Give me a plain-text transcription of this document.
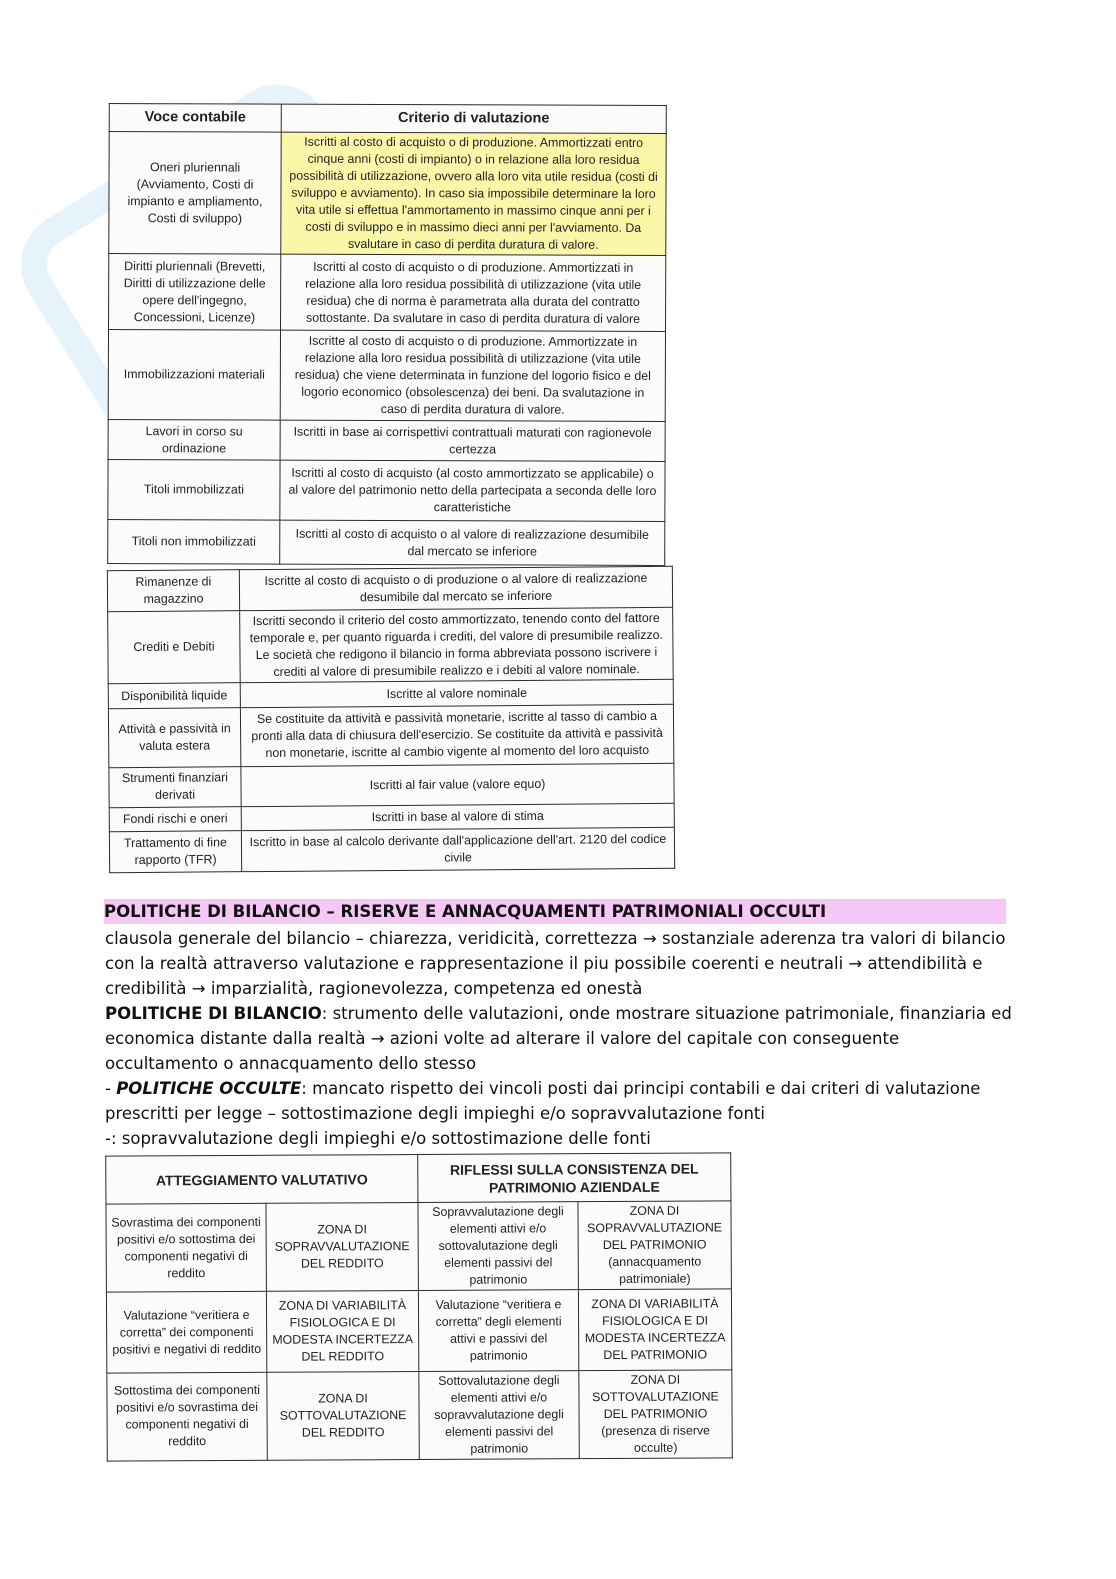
Voce contabile	Criterio di valutazione
Oneri pluriennali (Avviamento, Costi di impianto e ampliamento, Costi di sviluppo)	Iscritti al costo di acquisto o di produzione. Ammortizzati entro cinque anni (costi di impianto) o in relazione alla loro residua possibilità di utilizzazione, ovvero alla loro vita utile residua (costi di sviluppo e avviamento). In caso sia impossibile determinare la loro vita utile si effettua l'ammortamento in massimo cinque anni per i costi di sviluppo e in massimo dieci anni per l'avviamento. Da svalutare in caso di perdita duratura di valore.
Diritti pluriennali (Brevetti, Diritti di utilizzazione delle opere dell'ingegno, Concessioni, Licenze)	Iscritti al costo di acquisto o di produzione. Ammortizzati in relazione alla loro residua possibilità di utilizzazione (vita utile residua) che di norma è parametrata alla durata del contratto sottostante. Da svalutare in caso di perdita duratura di valore
Immobilizzazioni materiali	Iscritte al costo di acquisto o di produzione. Ammortizzate in relazione alla loro residua possibilità di utilizzazione (vita utile residua) che viene determinata in funzione del logorio fisico e del logorio economico (obsolescenza) dei beni. Da svalutazione in caso di perdita duratura di valore.
Lavori in corso su ordinazione	Iscritti in base ai corrispettivi contrattuali maturati con ragionevole certezza
Titoli immobilizzati	Iscritti al costo di acquisto (al costo ammortizzato se applicabile) o al valore del patrimonio netto della partecipata a seconda delle loro caratteristiche
Titoli non immobilizzati	Iscritti al costo di acquisto o al valore di realizzazione desumibile dal mercato se inferiore
Rimanenze di magazzino	Iscritte al costo di acquisto o di produzione o al valore di realizzazione desumibile dal mercato se inferiore
Crediti e Debiti	Iscritti secondo il criterio del costo ammortizzato, tenendo conto del fattore temporale e, per quanto riguarda i crediti, del valore di presumibile realizzo. Le società che redigono il bilancio in forma abbreviata possono iscrivere i crediti al valore di presumibile realizzo e i debiti al valore nominale.
Disponibilità liquide	Iscritte al valore nominale
Attività e passività in valuta estera	Se costituite da attività e passività monetarie, iscritte al tasso di cambio a pronti alla data di chiusura dell'esercizio. Se costituite da attività e passività non monetarie, iscritte al cambio vigente al momento del loro acquisto
Strumenti finanziari derivati	Iscritti al fair value (valore equo)
Fondi rischi e oneri	Iscritti in base al valore di stima
Trattamento di fine rapporto (TFR)	Iscritto in base al calcolo derivante dall'applicazione dell'art. 2120 del codice civile
POLITICHE DI BILANCIO – RISERVE E ANNACQUAMENTI PATRIMONIALI OCCULTI

clausola generale del bilancio – chiarezza, veridicità, correttezza → sostanziale aderenza tra valori di bilancio con la realtà attraverso valutazione e rappresentazione il piu possibile coerenti e neutrali → attendibilità e credibilità → imparzialità, ragionevolezza, competenza ed onestà

POLITICHE DI BILANCIO: strumento delle valutazioni, onde mostrare situazione patrimoniale, finanziaria ed economica distante dalla realtà → azioni volte ad alterare il valore del capitale con conseguente occultamento o annacquamento dello stesso

- POLITICHE OCCULTE: mancato rispetto dei vincoli posti dai principi contabili e dai criteri di valutazione prescritti per legge – sottostimazione degli impieghi e/o sopravvalutazione fonti

-: sopravvalutazione degli impieghi e/o sottostimazione delle fonti

ATTEGGIAMENTO VALUTATIVO		RIFLESSI SULLA CONSISTENZA DEL PATRIMONIO AZIENDALE	
Sovrastima dei componenti positivi e/o sottostima dei componenti negativi di reddito	ZONA DI SOPRAVVALUTAZIONE DEL REDDITO	Sopravvalutazione degli elementi attivi e/o sottovalutazione degli elementi passivi del patrimonio	ZONA DI SOPRAVVALUTAZIONE DEL PATRIMONIO (annacquamento patrimoniale)
Valutazione “veritiera e corretta” dei componenti positivi e negativi di reddito	ZONA DI VARIABILITÀ FISIOLOGICA E DI MODESTA INCERTEZZA DEL REDDITO	Valutazione “veritiera e corretta” degli elementi attivi e passivi del patrimonio	ZONA DI VARIABILITÀ FISIOLOGICA E DI MODESTA INCERTEZZA DEL PATRIMONIO
Sottostima dei componenti positivi e/o sovrastima dei componenti negativi di reddito	ZONA DI SOTTOVALUTAZIONE DEL REDDITO	Sottovalutazione degli elementi attivi e/o sopravvalutazione degli elementi passivi del patrimonio	ZONA DI SOTTOVALUTAZIONE DEL PATRIMONIO (presenza di riserve occulte)
